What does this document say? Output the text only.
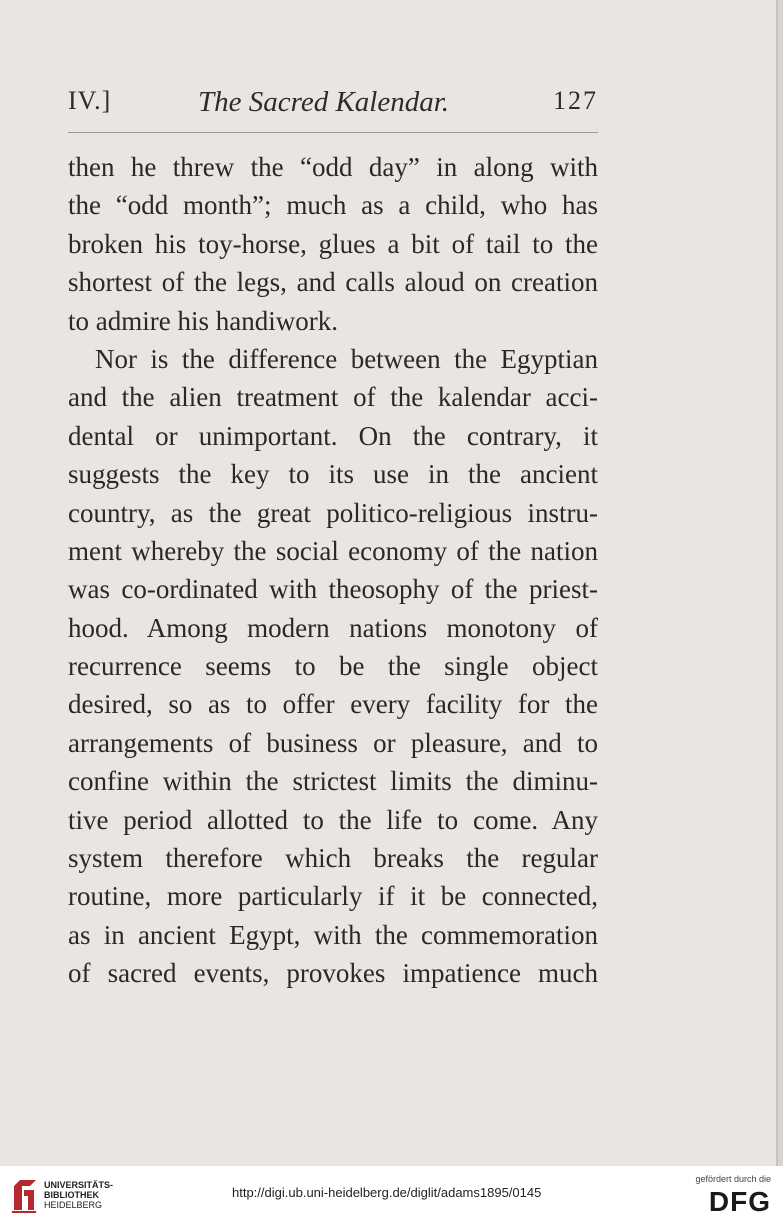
IV.]	The Sacred Kalendar.	127
then he threw the “odd day” in along with
the “odd month”; much as a child, who has
broken his toy-horse, glues a bit of tail to the
shortest of the legs, and calls aloud on creation
to admire his handiwork.
Nor is the difference between the Egyptian
and the alien treatment of the kalendar acci-
dental or unimportant. On the contrary, it
suggests the key to its use in the ancient
country, as the great politico-religious instru-
ment whereby the social economy of the nation
was co-ordinated with theosophy of the priest-
hood. Among modern nations monotony of
recurrence seems to be the single object
desired, so as to offer every facility for the
arrangements of business or pleasure, and to
confine within the strictest limits the diminu-
tive period allotted to the life to come. Any
system therefore which breaks the regular
routine, more particularly if it be connected,
as in ancient Egypt, with the commemoration
of sacred events, provokes impatience much
UNIVERSITÄTS-
BIBLIOTHEK
HEIDELBERG
http://digi.ub.uni-heidelberg.de/diglit/adams1895/0145
gefördert durch die
DFG
